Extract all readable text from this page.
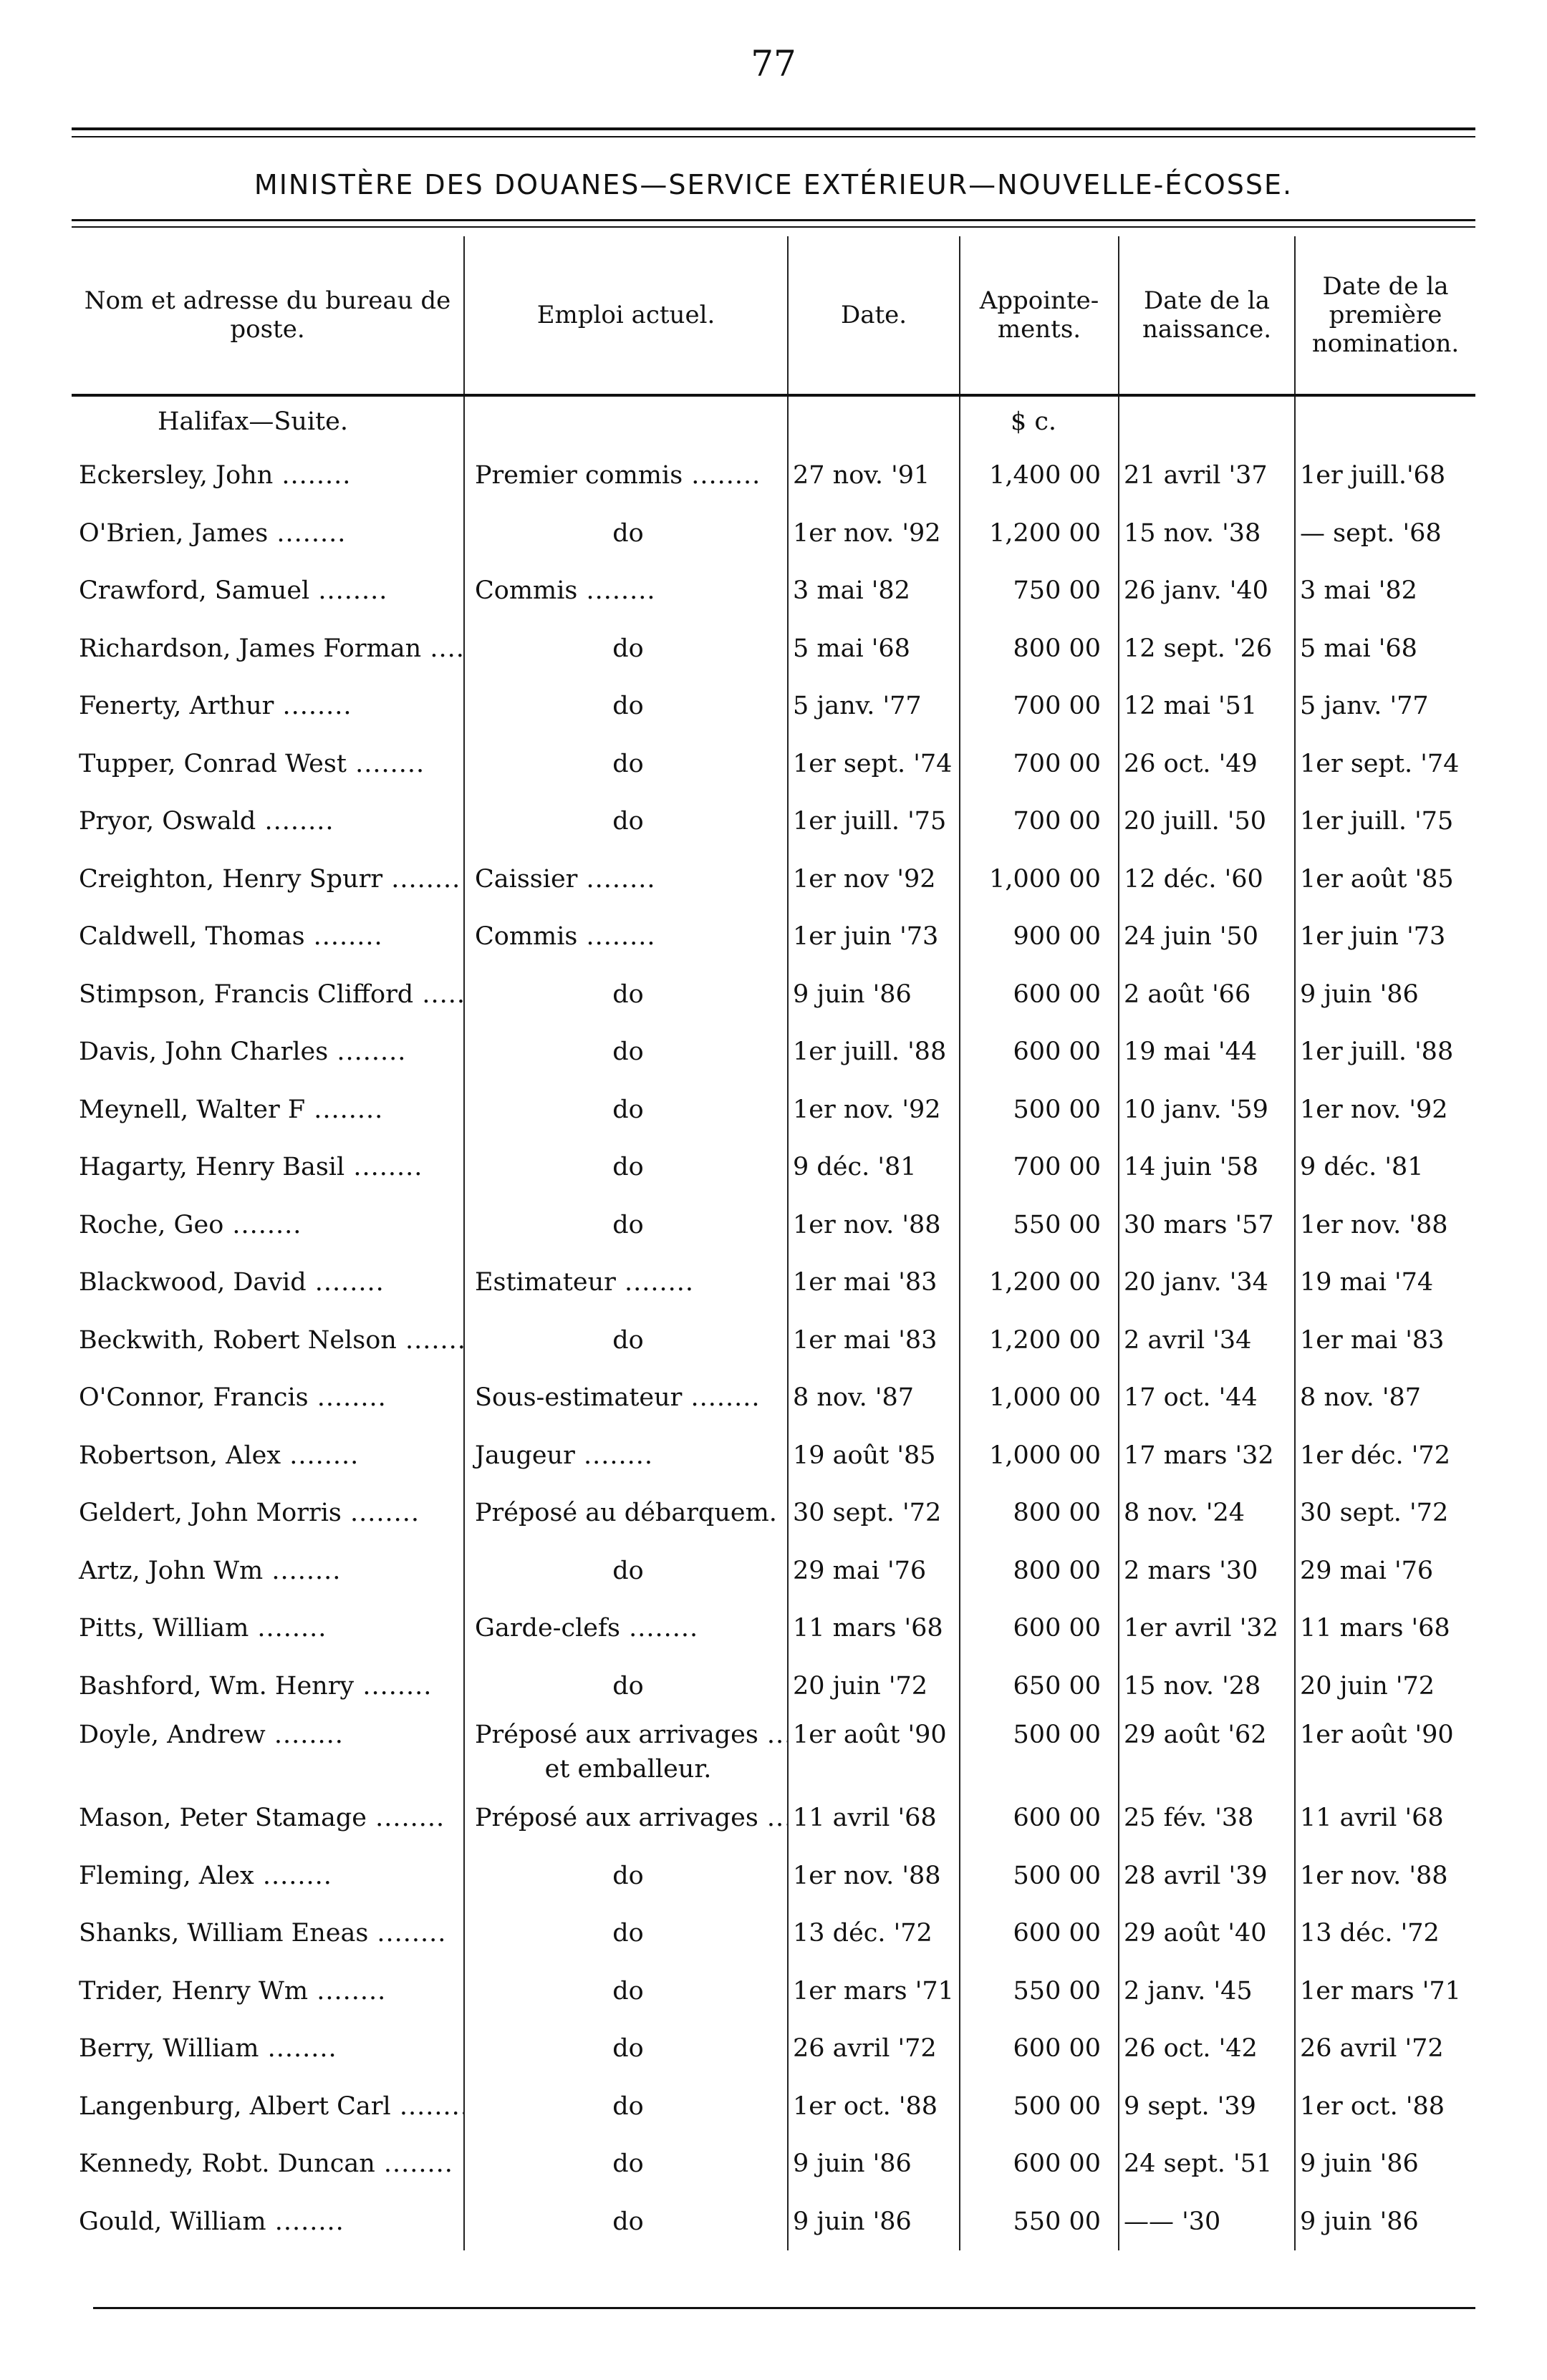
77
MINISTÈRE DES DOUANES—SERVICE EXTÉRIEUR—NOUVELLE-ÉCOSSE.
Nom et adresse du bureau de poste.	Emploi actuel.	Date.	Appointe-ments.	Date de la naissance.	Date de la première nomination.
Halifax—Suite.			$ c.		
Eckersley, John .....	Premier commis .....	27 nov. '91	1,400 00	21 avril '37	1er juill.'68
O'Brien, James .....	do	1er nov. '92	1,200 00	15 nov. '38	— sept. '68
Crawford, Samuel .....	Commis .....	3 mai '82	750 00	26 janv. '40	3 mai '82
Richardson, James Forman .....	do	5 mai '68	800 00	12 sept. '26	5 mai '68
Fenerty, Arthur .....	do	5 janv. '77	700 00	12 mai '51	5 janv. '77
Tupper, Conrad West .....	do	1er sept. '74	700 00	26 oct. '49	1er sept. '74
Pryor, Oswald .....	do	1er juill. '75	700 00	20 juill. '50	1er juill. '75
Creighton, Henry Spurr .....	Caissier .....	1er nov '92	1,000 00	12 déc. '60	1er août '85
Caldwell, Thomas .....	Commis .....	1er juin '73	900 00	24 juin '50	1er juin '73
Stimpson, Francis Clifford .....	do	9 juin '86	600 00	2 août '66	9 juin '86
Davis, John Charles .....	do	1er juill. '88	600 00	19 mai '44	1er juill. '88
Meynell, Walter F .....	do	1er nov. '92	500 00	10 janv. '59	1er nov. '92
Hagarty, Henry Basil .....	do	9 déc. '81	700 00	14 juin '58	9 déc. '81
Roche, Geo .....	do	1er nov. '88	550 00	30 mars '57	1er nov. '88
Blackwood, David .....	Estimateur .....	1er mai '83	1,200 00	20 janv. '34	19 mai '74
Beckwith, Robert Nelson .....	do	1er mai '83	1,200 00	2 avril '34	1er mai '83
O'Connor, Francis .....	Sous-estimateur .....	8 nov. '87	1,000 00	17 oct. '44	8 nov. '87
Robertson, Alex .....	Jaugeur .....	19 août '85	1,000 00	17 mars '32	1er déc. '72
Geldert, John Morris .....	Préposé au débarquem. .....	30 sept. '72	800 00	8 nov. '24	30 sept. '72
Artz, John Wm .....	do	29 mai '76	800 00	2 mars '30	29 mai '76
Pitts, William .....	Garde-clefs .....	11 mars '68	600 00	1er avril '32	11 mars '68
Bashford, Wm. Henry .....	do	20 juin '72	650 00	15 nov. '28	20 juin '72
Doyle, Andrew .....	Préposé aux arrivages .....	1er août '90	500 00	29 août '62	1er août '90
	et emballeur.				
Mason, Peter Stamage .....	Préposé aux arrivages .....	11 avril '68	600 00	25 fév. '38	11 avril '68
Fleming, Alex .....	do	1er nov. '88	500 00	28 avril '39	1er nov. '88
Shanks, William Eneas .....	do	13 déc. '72	600 00	29 août '40	13 déc. '72
Trider, Henry Wm .....	do	1er mars '71	550 00	2 janv. '45	1er mars '71
Berry, William .....	do	26 avril '72	600 00	26 oct. '42	26 avril '72
Langenburg, Albert Carl .....	do	1er oct. '88	500 00	9 sept. '39	1er oct. '88
Kennedy, Robt. Duncan .....	do	9 juin '86	600 00	24 sept. '51	9 juin '86
Gould, William .....	do	9 juin '86	550 00	—— '30	9 juin '86
